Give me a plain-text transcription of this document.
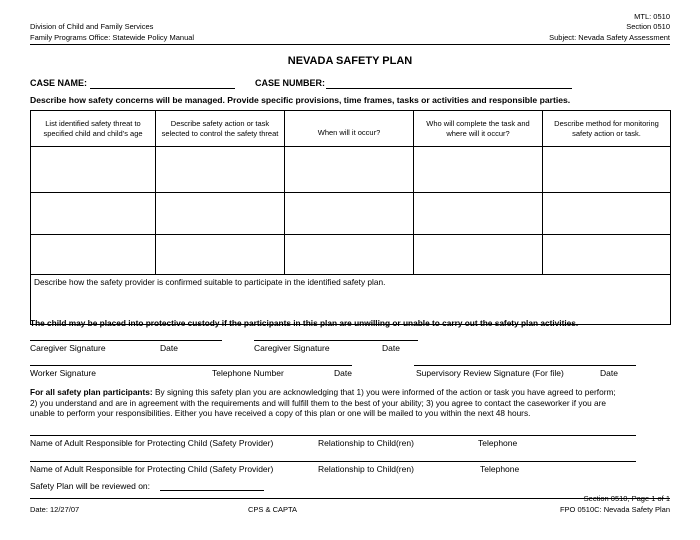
Division of Child and Family Services
Family Programs Office: Statewide Policy Manual
MTL: 0510
Section 0510
Subject: Nevada Safety Assessment
NEVADA SAFETY PLAN
CASE NAME:	CASE NUMBER:
Describe how safety concerns will be managed. Provide specific provisions, time frames, tasks or activities and responsible parties.
List identified safety threat to
specified child and child’s age	Describe safety action or task
selected to control the safety threat	When will it occur?	Who will complete the task and
where will it occur?	Describe method for monitoring
safety action or task.

Describe how the safety provider is confirmed suitable to participate in the identified safety plan.				
The child may be placed into protective custody if the participants in this plan are unwilling or unable to carry out the safety plan activities.
Caregiver Signature	Date	Caregiver Signature	Date
Worker Signature	Telephone Number	Date	Supervisory Review Signature (For file)	Date
For all safety plan participants: By signing this safety plan you are acknowledging that 1) you were informed of the action or task you have agreed to perform;
2) you understand and are in agreement with the requirements and will fulfill them to the best of your ability; 3) you agree to contact the caseworker if you are
unable to perform your responsibilities. Either you have received a copy of this plan or one will be mailed to you within the next 48 hours.
Name of Adult Responsible for Protecting Child (Safety Provider)	Relationship to Child(ren)	Telephone
Name of Adult Responsible for Protecting Child (Safety Provider)	Relationship to Child(ren)	Telephone
Safety Plan will be reviewed on:
Section 0510, Page 1 of 1
Date: 12/27/07	CPS & CAPTA	FPO 0510C: Nevada Safety Plan
